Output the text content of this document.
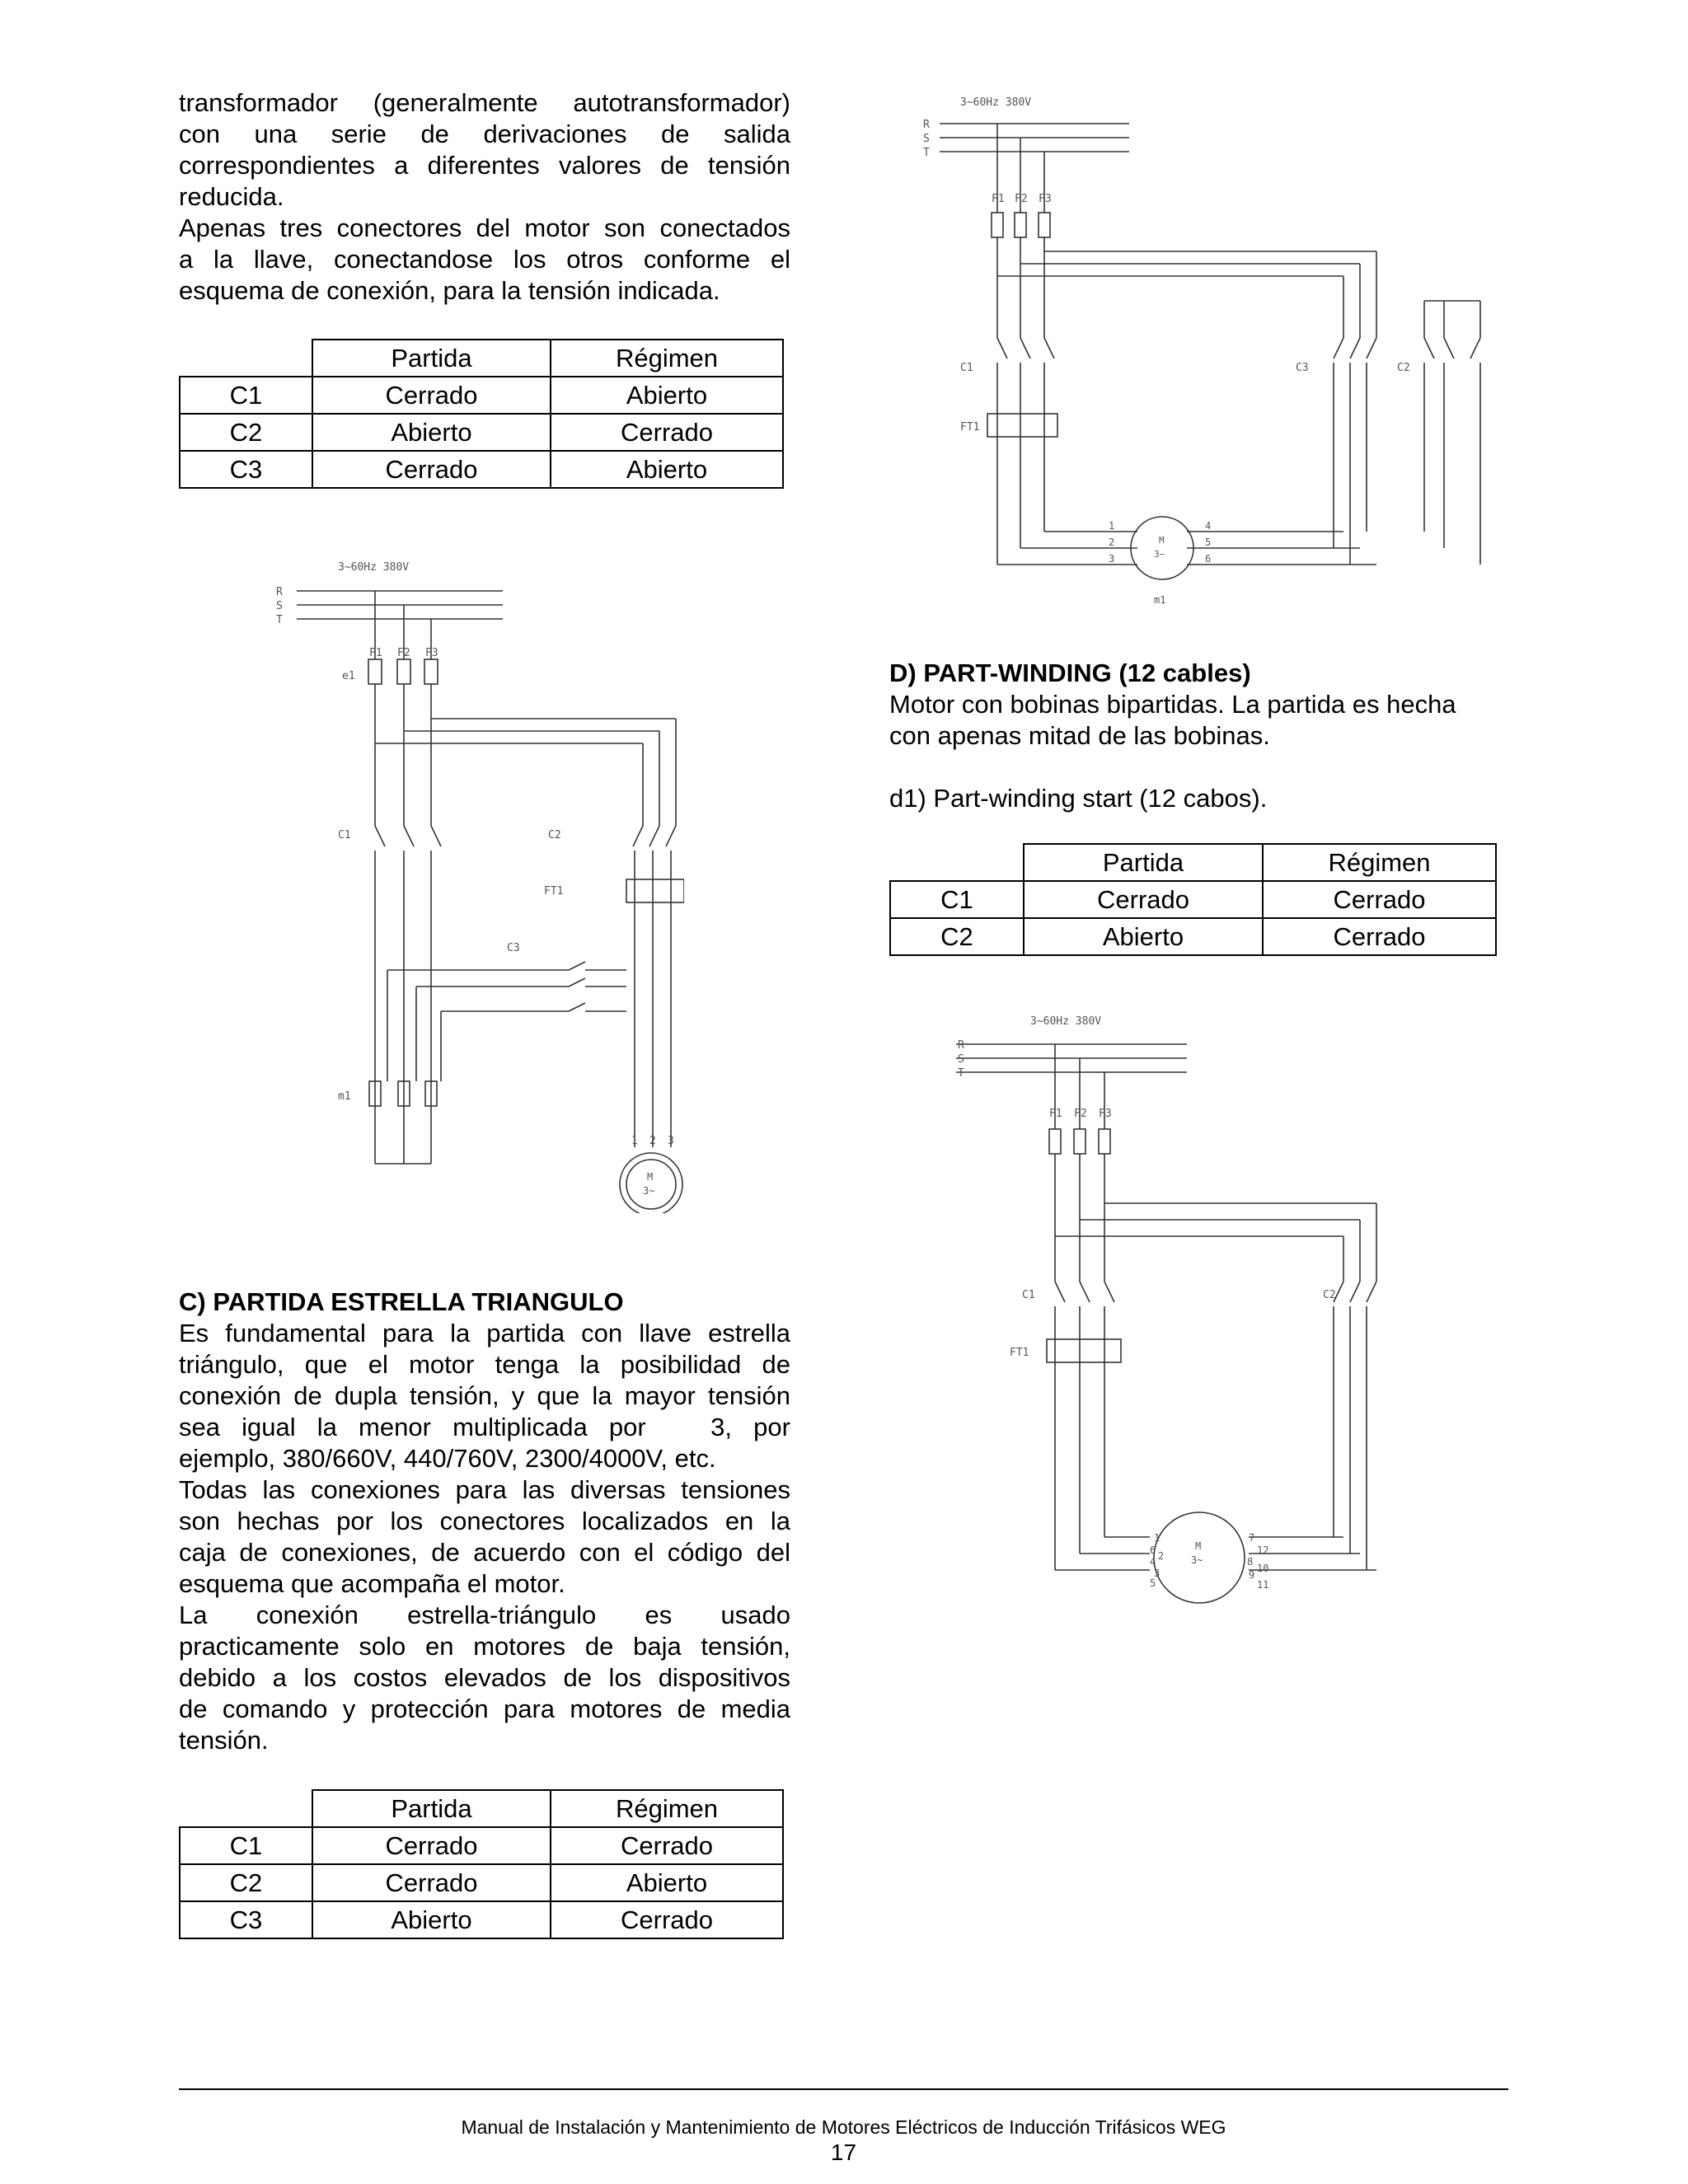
transformador (generalmente autotransformador)
con una serie de derivaciones de salida
correspondientes a diferentes valores de tensión
reducida.

Apenas tres conectores del motor son conectados
a la llave, conectandose los otros conforme el
esquema de conexión, para la tensión indicada.

	Partida	Régimen
C1	Cerrado	Abierto
C2	Abierto	Cerrado
C3	Cerrado	Abierto
3~60Hz 380V
R
S
T
F1 F2 F3
e1
C1	C2
FT1
C3
m1
1 2 3
M
3~

C) PARTIDA ESTRELLA TRIANGULO

Es fundamental para la partida con llave estrella
triángulo, que el motor tenga la posibilidad de
conexión de dupla tensión, y que la mayor tensión
sea igual la menor multiplicada por   3, por
ejemplo, 380/660V, 440/760V, 2300/4000V, etc.

Todas las conexiones para las diversas tensiones
son hechas por los conectores localizados en la
caja de conexiones, de acuerdo con el código del
esquema que acompaña el motor.

La conexión estrella-triángulo es usado
practicamente solo en motores de baja tensión,
debido a los costos elevados de los dispositivos
de comando y protección para motores de media
tensión.

	Partida	Régimen
C1	Cerrado	Cerrado
C2	Cerrado	Abierto
C3	Abierto	Cerrado
3~60Hz 380V
R
S
T
F1 F2 F3
C1	C3	C2
FT1
1
2
3
4
5
6
M
3~
m1

D) PART-WINDING (12 cables)

Motor con bobinas bipartidas. La partida es hecha
con apenas mitad de las bobinas.

d1) Part-winding start (12 cabos).

	Partida	Régimen
C1	Cerrado	Cerrado
C2	Abierto	Cerrado
3~60Hz 380V
R
S
T
F1 F2 F3
C1	C2
FT1
1
6
4
3
5
2
7
12
8
10
9
11
M
3~
Manual de Instalación y Mantenimiento de Motores Eléctricos de Inducción Trifásicos WEG
17
